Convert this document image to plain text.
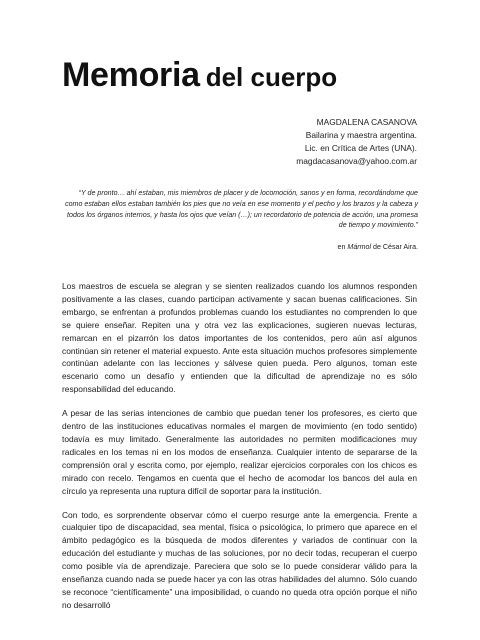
Memoria del cuerpo
MAGDALENA CASANOVA
Bailarina y maestra argentina.
Lic. en Crítica de Artes (UNA).
magdacasanova@yahoo.com.ar
“Y de pronto… ahí estaban, mis miembros de placer y de locomoción, sanos y en forma, recordándome que como estaban ellos estaban también los pies que no veía en ese momento y el pecho y los brazos y la cabeza y todos los órganos internos, y hasta los ojos que veían (…); un recordatorio de potencia de acción, una promesa de tiempo y movimiento.”
en Mármol de César Aira.

Los maestros de escuela se alegran y se sienten realizados cuando los alumnos responden positivamente a las clases, cuando participan activamente y sacan buenas calificaciones. Sin embargo, se enfrentan a profundos problemas cuando los estudiantes no comprenden lo que se quiere enseñar. Repiten una y otra vez las explicaciones, sugieren nuevas lecturas, remarcan en el pizarrón los datos importantes de los contenidos, pero aún así algunos continúan sin retener el material expuesto. Ante esta situación muchos profesores simplemente continúan adelante con las lecciones y sálvese quien pueda. Pero algunos, toman este escenario como un desafío y entienden que la dificultad de aprendizaje no es sólo responsabilidad del educando.

A pesar de las serias intenciones de cambio que puedan tener los profesores, es cierto que dentro de las instituciones educativas normales el margen de movimiento (en todo sentido) todavía es muy limitado. Generalmente las autoridades no permiten modificaciones muy radicales en los temas ni en los modos de enseñanza. Cualquier intento de separarse de la comprensión oral y escrita como, por ejemplo, realizar ejercicios corporales con los chicos es mirado con recelo. Tengamos en cuenta que el hecho de acomodar los bancos del aula en círculo ya representa una ruptura difícil de soportar para la institución.

Con todo, es sorprendente observar cómo el cuerpo resurge ante la emergencia. Frente a cualquier tipo de discapacidad, sea mental, física o psicológica, lo primero que aparece en el ámbito pedagógico es la búsqueda de modos diferentes y variados de continuar con la educación del estudiante y muchas de las soluciones, por no decir todas, recuperan el cuerpo como posible vía de aprendizaje. Pareciera que solo se lo puede considerar válido para la enseñanza cuando nada se puede hacer ya con las otras habilidades del alumno. Sólo cuando se reconoce “científicamente” una imposibilidad, o cuando no queda otra opción porque el niño no desarrolló
